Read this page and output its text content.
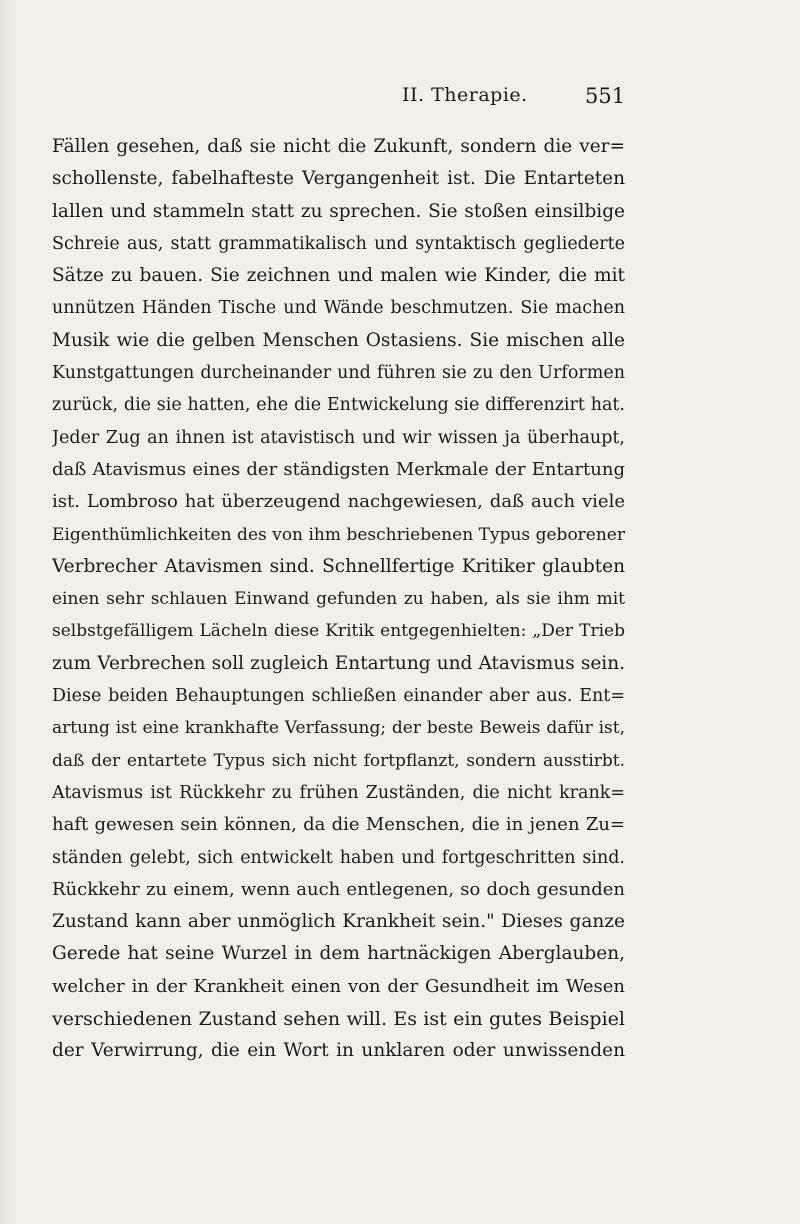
II. Therapie.	551
Fällen gesehen, daß sie nicht die Zukunft, sondern die ver=
schollenste, fabelhafteste Vergangenheit ist. Die Entarteten
lallen und stammeln statt zu sprechen. Sie stoßen einsilbige
Schreie aus, statt grammatikalisch und syntaktisch gegliederte
Sätze zu bauen. Sie zeichnen und malen wie Kinder, die mit
unnützen Händen Tische und Wände beschmutzen. Sie machen
Musik wie die gelben Menschen Ostasiens. Sie mischen alle
Kunstgattungen durcheinander und führen sie zu den Urformen
zurück, die sie hatten, ehe die Entwickelung sie differenzirt hat.
Jeder Zug an ihnen ist atavistisch und wir wissen ja überhaupt,
daß Atavismus eines der ständigsten Merkmale der Entartung
ist. Lombroso hat überzeugend nachgewiesen, daß auch viele
Eigenthümlichkeiten des von ihm beschriebenen Typus geborener
Verbrecher Atavismen sind. Schnellfertige Kritiker glaubten
einen sehr schlauen Einwand gefunden zu haben, als sie ihm mit
selbstgefälligem Lächeln diese Kritik entgegenhielten: „Der Trieb
zum Verbrechen soll zugleich Entartung und Atavismus sein.
Diese beiden Behauptungen schließen einander aber aus. Ent=
artung ist eine krankhafte Verfassung; der beste Beweis dafür ist,
daß der entartete Typus sich nicht fortpflanzt, sondern ausstirbt.
Atavismus ist Rückkehr zu frühen Zuständen, die nicht krank=
haft gewesen sein können, da die Menschen, die in jenen Zu=
ständen gelebt, sich entwickelt haben und fortgeschritten sind.
Rückkehr zu einem, wenn auch entlegenen, so doch gesunden
Zustand kann aber unmöglich Krankheit sein." Dieses ganze
Gerede hat seine Wurzel in dem hartnäckigen Aberglauben,
welcher in der Krankheit einen von der Gesundheit im Wesen
verschiedenen Zustand sehen will. Es ist ein gutes Beispiel
der Verwirrung, die ein Wort in unklaren oder unwissenden
